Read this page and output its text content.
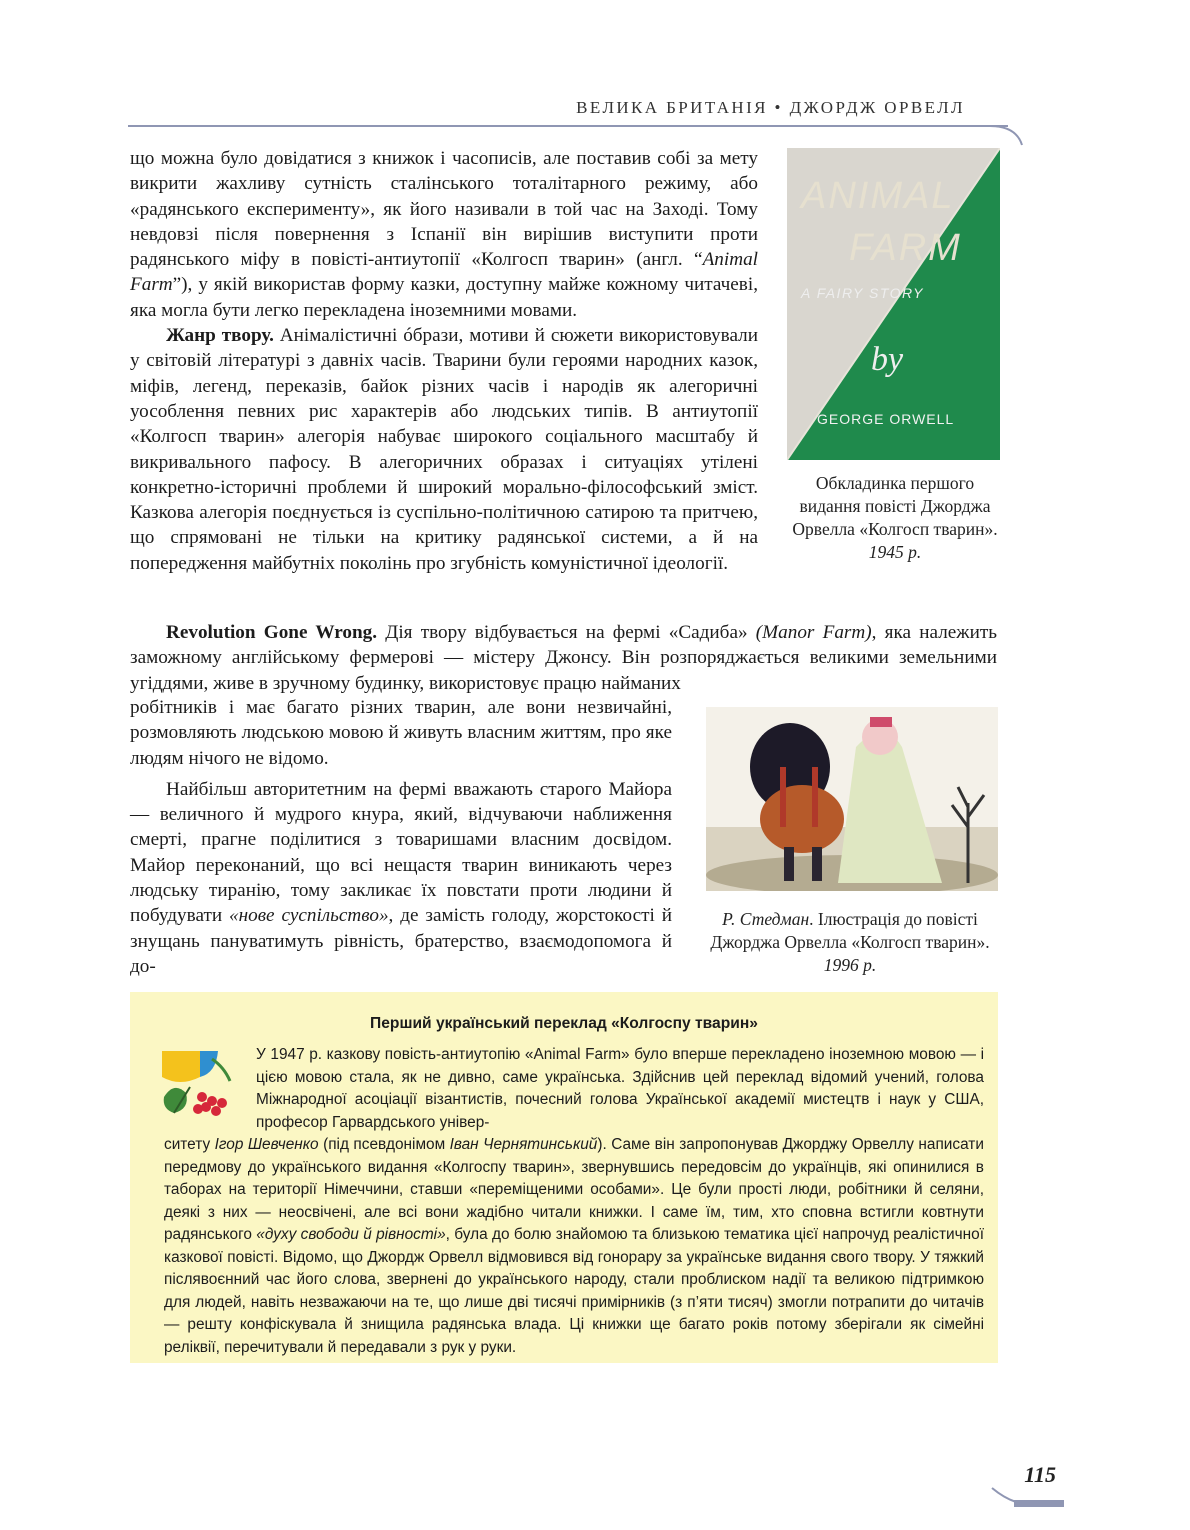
ВЕЛИКА БРИТАНІЯ • ДЖОРДЖ ОРВЕЛЛ

що можна було довідатися з книжок і часописів, але поставив собі за мету викрити жахливу сутність сталінського тоталітарного режиму, або «радянського експерименту», як його називали в той час на Заході. Тому невдовзі після повернення з Іспанії він вирішив виступити проти радянського міфу в повісті-антиутопії «Колгосп тварин» (англ. “Animal Farm”), у якій використав форму казки, доступну майже кожному читачеві, яка могла бути легко перекладена іноземними мовами.

Жанр твору. Анімалістичні óбрази, мотиви й сюжети використовували у світовій літературі з давніх часів. Тварини були героями народних казок, міфів, легенд, переказів, байок різних часів і народів як алегоричні уособлення певних рис характерів або людських типів. В антиутопії «Колгосп тварин» алегорія набуває широкого соціального масштабу й викривального пафосу. В алегоричних образах і ситуаціях утілені конкретно-історичні проблеми й широкий морально-філософський зміст. Казкова алегорія поєднується із суспільно-політичною сатирою та притчею, що спрямовані не тільки на критику радянської системи, а й на попередження майбутніх поколінь про згубність комуністичної ідеології.

Revolution Gone Wrong. Дія твору відбувається на фермі «Садиба» (Manor Farm), яка належить заможному англійському фермерові — містеру Джонсу. Він розпоряджається великими земельними угіддями, живе в зручному будинку, використовує працю найманих

робітників і має багато різних тварин, але вони незвичайні, розмовляють людською мовою й живуть власним життям, про яке людям нічого не відомо.

Найбільш авторитетним на фермі вважають старого Майора — величного й мудрого кнура, який, відчуваючи наближення смерті, прагне поділитися з товаришами власним досвідом. Майор переконаний, що всі нещастя тварин виникають через людську тиранію, тому закликає їх повстати проти людини й побудувати «нове суспільство», де замість голоду, жорстокості й знущань пануватимуть рівність, братерство, взаємодопомога й до-

ANIMAL
FARM
A FAIRY STORY
by
GEORGE ORWELL
Обкладинка першого видання повісті Джорджа Орвелла «Колгосп тварин».
1945 р.
Р. Стедман. Ілюстрація до повісті Джорджа Орвелла «Колгосп тварин». 1996 р.
Перший український переклад «Колгоспу тварин»

У 1947 р. казкову повість-антиутопію «Animal Farm» було вперше перекладено іноземною мовою — і цією мовою стала, як не дивно, саме українська. Здійснив цей переклад відомий учений, голова Міжнародної асоціації візантистів, почесний голова Української академії мистецтв і наук у США, професор Гарвардського універ-

ситету Ігор Шевченко (під псевдонімом Іван Чернятинський). Саме він запропонував Джорджу Орвеллу написати передмову до українського видання «Колгоспу тварин», звернувшись передовсім до українців, які опинилися в таборах на території Німеччини, ставши «переміщеними особами». Це були прості люди, робітники й селяни, деякі з них — неосвічені, але всі вони жадібно читали книжки. І саме їм, тим, хто сповна встигли ковтнути радянського «духу свободи й рівності», була до болю знайомою та близькою тематика цієї напрочуд реалістичної казкової повісті. Відомо, що Джордж Орвелл відмовився від гонорару за українське видання свого твору. У тяжкий післявоєнний час його слова, звернені до українського народу, стали проблиском надії та великою підтримкою для людей, навіть незважаючи на те, що лише дві тисячі примірників (з п’яти тисяч) змогли потрапити до читачів — решту конфіскувала й знищила радянська влада. Ці книжки ще багато років потому зберігали як сімейні реліквії, перечитували й передавали з рук у руки.

115
